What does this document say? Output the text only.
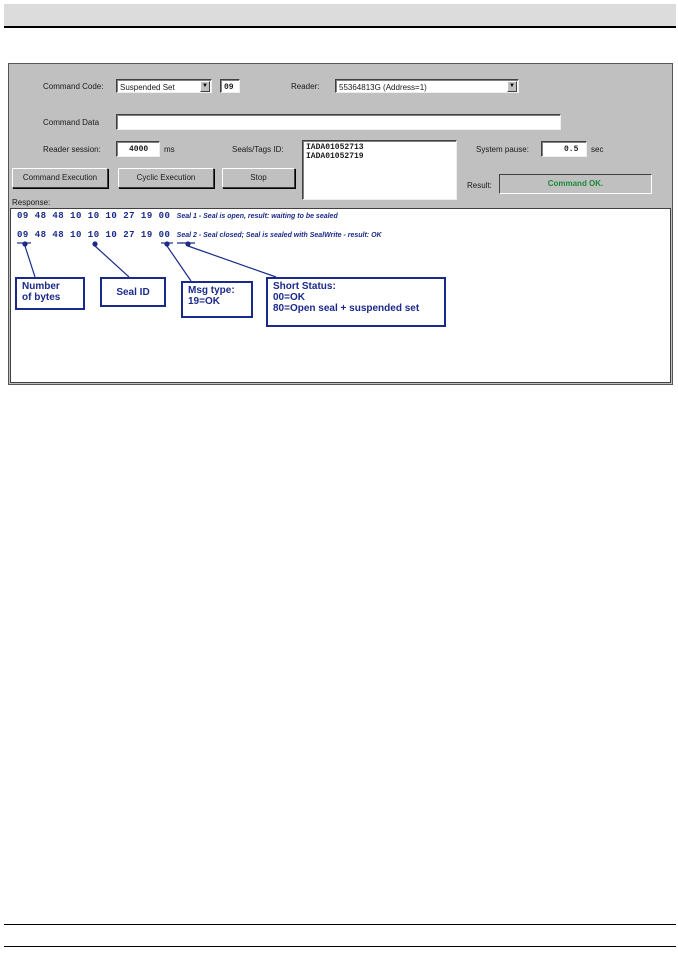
Command Code: Suspended Set	▼ 09	Reader: 55364813G (Address=1)	▼
Command Data
Reader session:	4000 ms	Seals/Tags ID:	IADA01052713
IADA01052719
System pause:	0.5 sec
Command Execution	Cyclic Execution	Stop
Result:	Command OK.
Response:
09 48 48 10 10 10 27 19 00 Seal 1 - Seal is open, result: waiting to be sealed
09 48 48 10 10 10 27 19 00 Seal 2 - Seal closed; Seal is sealed with SealWrite - result: OK
Number
of bytes	Seal ID	Msg type:
19=OK
Short Status:
00=OK
80=Open seal + suspended set
